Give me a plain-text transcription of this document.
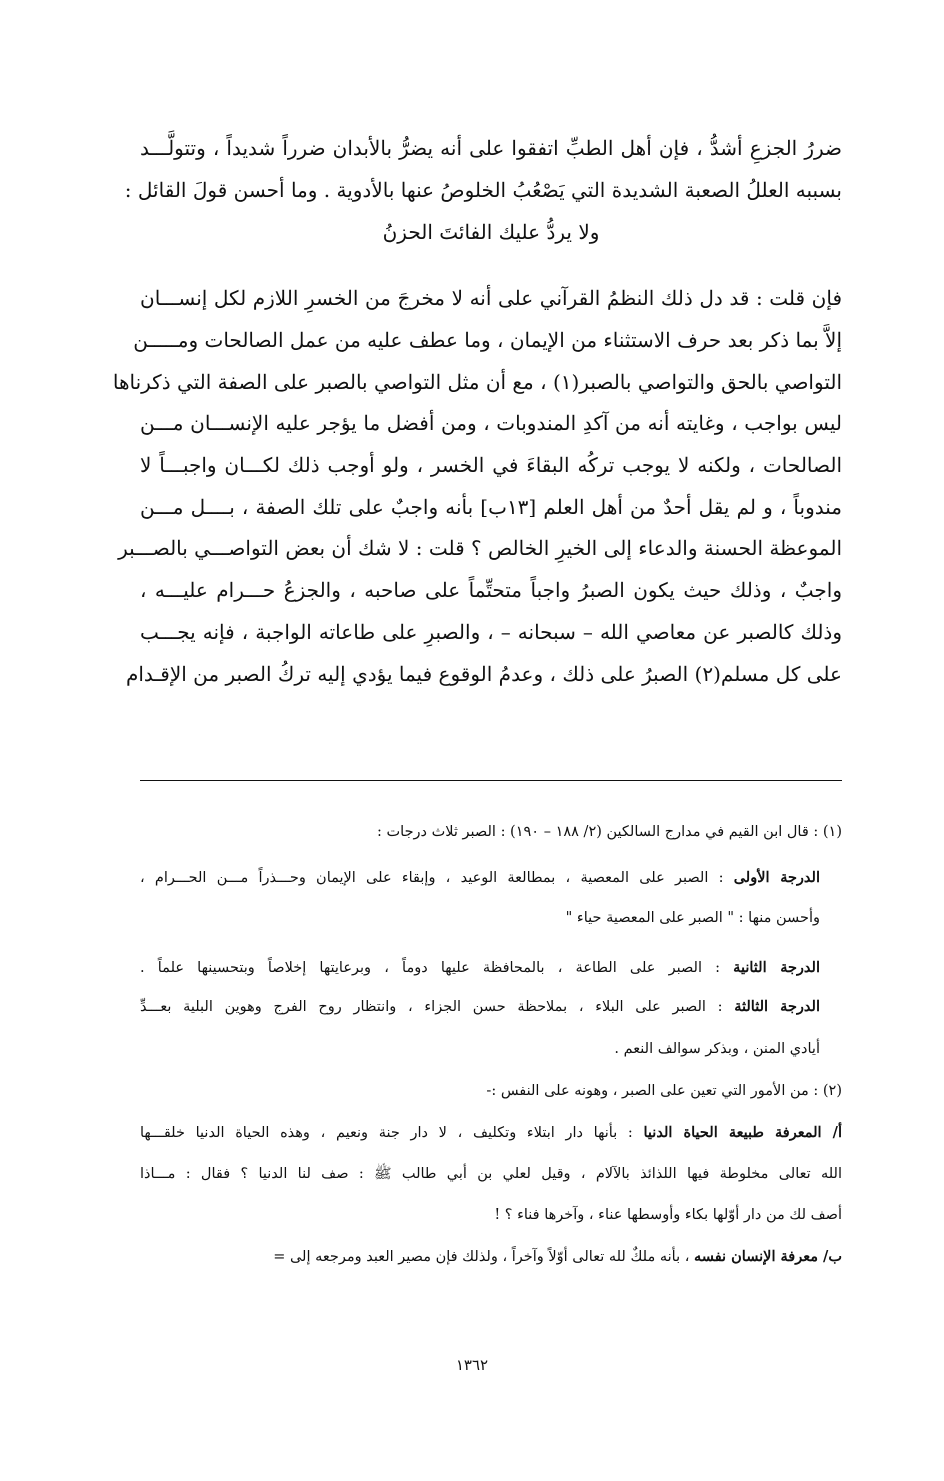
ضررُ الجزعِ أشدُّ ، فإن أهل الطبِّ اتفقوا على أنه يضرُّ بالأبدان ضرراً شديداً ، وتتولَّـــد
بسببه العللُ الصعبة الشديدة التي يَصْعُبُ الخلوصُ عنها بالأدوية . وما أحسن قولَ القائل :
ولا يردُّ عليك الفائتَ الحزنُ
فإن قلت : قد دل ذلك النظمُ القرآني على أنه لا مخرجَ من الخسرِ اللازم لكل إنســـان
إلاَّ بما ذكر بعد حرف الاستثناء من الإيمان ، وما عطف عليه من عمل الصالحات ومـــــن
التواصي بالحق والتواصي بالصبر(١) ، مع أن مثل التواصي بالصبر على الصفة التي ذكرناها
ليس بواجب ، وغايته أنه من آكدِ المندوبات ، ومن أفضل ما يؤجر عليه الإنســـان مـــن
الصالحات ، ولكنه لا يوجب تركُه البقاءَ في الخسر ، ولو أوجب ذلك لكـــان واجبـــاً لا
مندوباً ، و لم يقل أحدٌ من أهل العلم [١٣ب] بأنه واجبٌ على تلك الصفة ، بــــل مـــن
الموعظة الحسنة والدعاء إلى الخيرِ الخالص ؟ قلت : لا شك أن بعض التواصـــي بالصـــبر
واجبٌ ، وذلك حيث يكون الصبرُ واجباً متحتِّماً على صاحبه ، والجزعُ حـــرام عليـــه ،
وذلك كالصبر عن معاصي الله – سبحانه – ، والصبرِ على طاعاته الواجبة ، فإنه يجـــب
على كل مسلم(٢) الصبرُ على ذلك ، وعدمُ الوقوع فيما يؤدي إليه تركُ الصبر من الإقـدام
(١) : قال ابن القيم في مدارج السالكين (٢/ ١٨٨ – ١٩٠) : الصبر ثلاث درجات :
الدرجة الأولى : الصبر على المعصية ، بمطالعة الوعيد ، وإبقاء على الإيمان وحـــذراً مـــن الحـــرام ،
وأحسن منها : " الصبر على المعصية حياء "
الدرجة الثانية : الصبر على الطاعة ، بالمحافظة عليها دوماً ، وبرعايتها إخلاصاً وبتحسينها علماً .
الدرجة الثالثة : الصبر على البلاء ، بملاحظة حسن الجزاء ، وانتظار روح الفرج وهوين البلية بعـــدِّ
أيادي المنن ، وبذكر سوالف النعم .
(٢) : من الأمور التي تعين على الصبر ، وهونه على النفس :-
أ/ المعرفة طبيعة الحياة الدنيا : بأنها دار ابتلاء وتكليف ، لا دار جنة ونعيم ، وهذه الحياة الدنيا خلقـــها
الله تعالى مخلوطة فيها اللذائذ بالآلام ، وقيل لعلي بن أبي طالب ﷺ : صف لنا الدنيا ؟ فقال : مـــاذا
أصف لك من دار أوّلها بكاء وأوسطها عناء ، وآخرها فناء ؟ !
ب/ معرفة الإنسان نفسه ، بأنه ملكٌ لله تعالى أوّلاً وآخراً ، ولذلك فإن مصير العبد ومرجعه إلى =
١٣٦٢
